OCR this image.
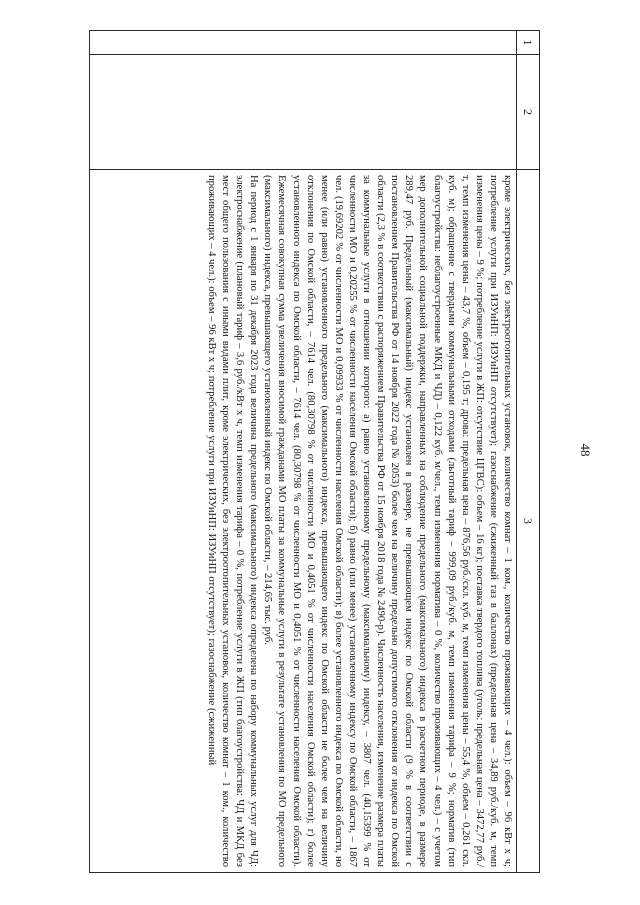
48
1	2	3

		кроме электрических, без электроотопительных установок, количество комнат – 1 ком., количество проживающих – 4 чел.): объем – 96 кВт х ч; потребление услуги при ИЗУиНП: ИЗУиНП отсутствует); газоснабжение (сжиженный газ в баллонах) (предельная цена – 34,89 руб./куб. м, темп изменения цены – 9 %; потребление услуги в ЖП: отсутствие ЦГВС): объем – 16 кг); поставка твердого топлива (уголь: предельная цена – 3472,77 руб./т, темп изменения цены – 43,7 %, объем – 0,195 т; дрова: предельная цена – 876,56 руб./скл. куб. м, темп изменения цены – 55,4 %, объем – 0,261 скл. куб. м); обращение с твердыми коммунальными отходами (льготный тариф – 999,09 руб./куб. м, темп изменения тарифа – 9 %; норматив (тип благоустройства: неблагоустроенные МКД и ЧД) – 0,122 куб. м/чел., темп изменения норматива – 0 %, количество проживающих – 4 чел.) – с учетом мер дополнительной социальной поддержки, направленных на соблюдение предельного (максимального) индекса в расчетном периоде, в размере 289,47 руб. Предельный (максимальный) индекс установлен в размере, не превышающем индекс по Омской области (9 % в соответствии с постановлением Правительства РФ от 14 ноября 2022 года № 2053) более чем на величину предельно допустимого отклонения от индекса по Омской области (2,3 % в соответствии с распоряжением Правительства РФ от 15 ноября 2018 года № 2490-р). Численность населения, изменение размера платы за коммунальные услуги в отношении которого: а) равно установленному предельному (максимальному) индексу, – 3807 чел. (40,15399 % от численности МО и 0,20255 % от численности населения Омской области); б) равно (или менее) установленному индексу по Омской области, – 1867 чел. (19,69202 % от численности МО и 0,09933 % от численности населения Омской области); в) более установленного индекса по Омской области, но менее (или равно) установленного предельного (максимального) индекса, превышающего индекс по Омской области не более чем на величину отклонения по Омской области, – 7614 чел. (80,30798 % от численности МО и 0,4051 % от численности населения Омской области); г) более установленного индекса по Омской области, – 7614 чел. (80,30798 % от численности МО и 0,4051 % от численности населения Омской области). Ежемесячная совокупная сумма увеличения вносимой гражданами МО платы за коммунальные услуги в результате установления по МО предельного (максимального) индекса, превышающего установленный индекс по Омской области, – 214,65 тыс. руб.

На период с 1 января по 31 декабря 2023 года величина предельного (максимального) индекса определена по набору коммунальных услуг для ЧД: электроснабжение (плановый тариф – 3,6 руб./кВт х ч, темп изменения тарифа – 0 %, потребление услуги в ЖП (тип благоустройства: ЧД и МКД без мест общего пользования с иными видами плит, кроме электрических, без электроотопительных установок, количество комнат – 1 ком., количество проживающих – 4 чел.): объем – 96 кВт х ч; потребление услуги при ИЗУиНП: ИЗУиНП отсутствует); газоснабжение (сжиженный
